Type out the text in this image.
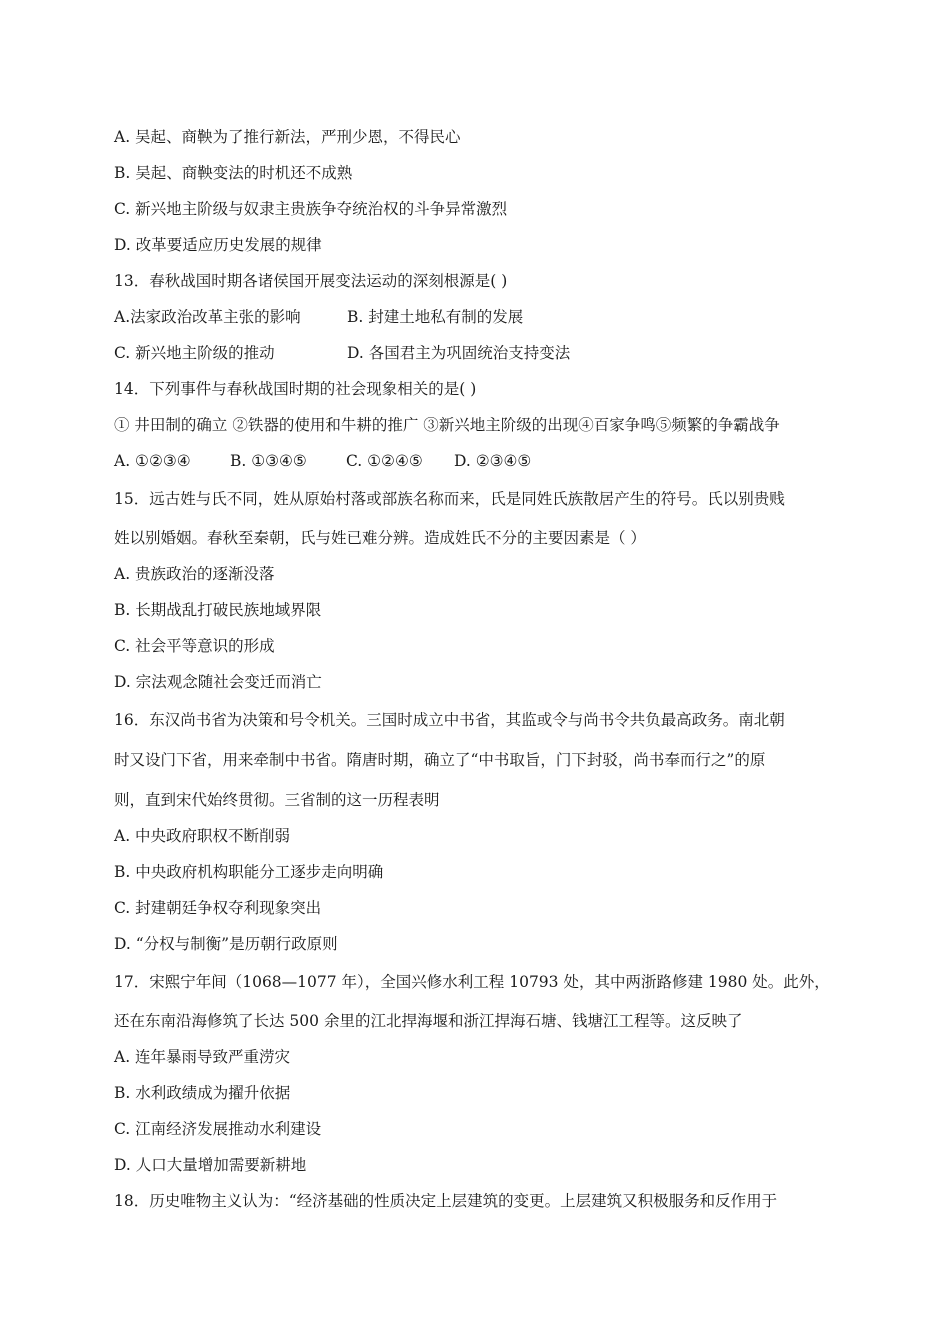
A. 吴起、商鞅为了推行新法，严刑少恩，不得民心
B. 吴起、商鞅变法的时机还不成熟
C. 新兴地主阶级与奴隶主贵族争夺统治权的斗争异常激烈
D. 改革要适应历史发展的规律
13．春秋战国时期各诸侯国开展变法运动的深刻根源是( )
A.法家政治改革主张的影响	B. 封建土地私有制的发展
C. 新兴地主阶级的推动	D. 各国君主为巩固统治支持变法
14．下列事件与春秋战国时期的社会现象相关的是( )
① 井田制的确立 ②铁器的使用和牛耕的推广 ③新兴地主阶级的出现④百家争鸣⑤频繁的争霸战争
A. ①②③④	B. ①③④⑤	C. ①②④⑤ D. ②③④⑤
15．远古姓与氏不同，姓从原始村落或部族名称而来，氏是同姓氏族散居产生的符号。氏以别贵贱
姓以别婚姻。春秋至秦朝，氏与姓已难分辨。造成姓氏不分的主要因素是（ ）
A. 贵族政治的逐渐没落
B. 长期战乱打破民族地域界限
C. 社会平等意识的形成
D. 宗法观念随社会变迁而消亡
16．东汉尚书省为决策和号令机关。三国时成立中书省，其监或令与尚书令共负最高政务。南北朝
时又设门下省，用来牵制中书省。隋唐时期，确立了“中书取旨，门下封驳，尚书奉而行之”的原
则，直到宋代始终贯彻。三省制的这一历程表明
A. 中央政府职权不断削弱
B. 中央政府机构职能分工逐步走向明确
C. 封建朝廷争权夺利现象突出
D. “分权与制衡”是历朝行政原则
17．宋熙宁年间（1068—1077 年），全国兴修水利工程 10793 处，其中两浙路修建 1980 处。此外，
还在东南沿海修筑了长达 500 余里的江北捍海堰和浙江捍海石塘、钱塘江工程等。这反映了
A. 连年暴雨导致严重涝灾
B. 水利政绩成为擢升依据
C. 江南经济发展推动水利建设
D. 人口大量增加需要新耕地
18．历史唯物主义认为：“经济基础的性质决定上层建筑的变更。上层建筑又积极服务和反作用于
